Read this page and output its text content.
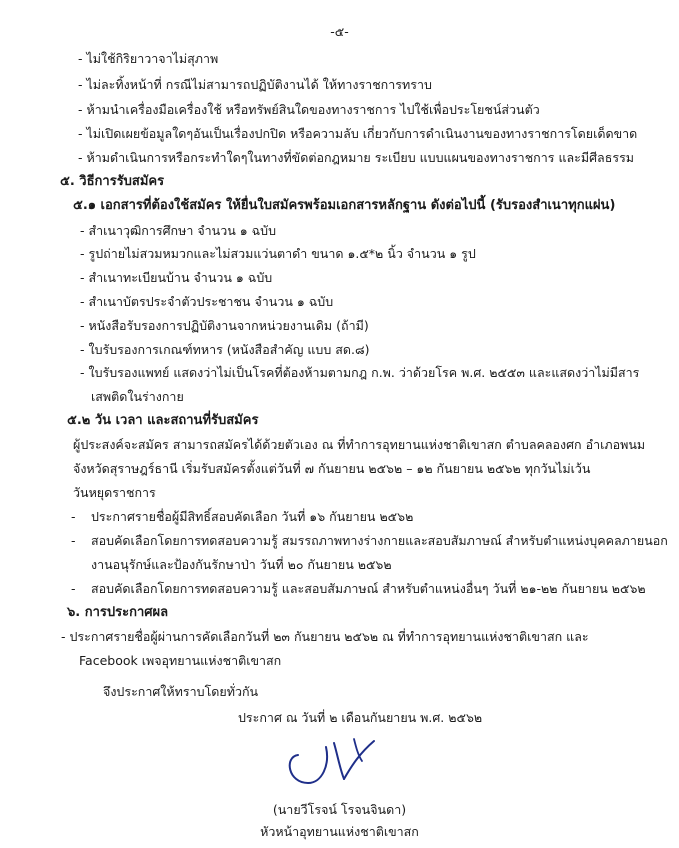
-๕-
- ไม่ใช้กิริยาวาจาไม่สุภาพ
- ไม่ละทิ้งหน้าที่ กรณีไม่สามารถปฏิบัติงานได้ ให้ทางราชการทราบ
- ห้ามนำเครื่องมือเครื่องใช้ หรือทรัพย์สินใดของทางราชการ ไปใช้เพื่อประโยชน์ส่วนตัว
- ไม่เปิดเผยข้อมูลใดๆอันเป็นเรื่องปกปิด หรือความลับ เกี่ยวกับการดำเนินงานของทางราชการโดยเด็ดขาด
- ห้ามดำเนินการหรือกระทำใดๆในทางที่ขัดต่อกฎหมาย ระเบียบ แบบแผนของทางราชการ และมีศีลธรรม
๕. วิธีการรับสมัคร
๕.๑ เอกสารที่ต้องใช้สมัคร ให้ยื่นใบสมัครพร้อมเอกสารหลักฐาน ดังต่อไปนี้ (รับรองสำเนาทุกแผ่น)
- สำเนาวุฒิการศึกษา จำนวน ๑ ฉบับ
- รูปถ่ายไม่สวมหมวกและไม่สวมแว่นตาดำ ขนาด ๑.๕*๒ นิ้ว จำนวน ๑ รูป
- สำเนาทะเบียนบ้าน จำนวน ๑ ฉบับ
- สำเนาบัตรประจำตัวประชาชน จำนวน ๑ ฉบับ
- หนังสือรับรองการปฏิบัติงานจากหน่วยงานเดิม (ถ้ามี)
- ใบรับรองการเกณฑ์ทหาร (หนังสือสำคัญ แบบ สด.๘)
- ใบรับรองแพทย์ แสดงว่าไม่เป็นโรคที่ต้องห้ามตามกฎ ก.พ. ว่าด้วยโรค พ.ศ. ๒๕๕๓ และแสดงว่าไม่มีสาร
เสพติดในร่างกาย
๕.๒ วัน เวลา และสถานที่รับสมัคร
ผู้ประสงค์จะสมัคร สามารถสมัครได้ด้วยตัวเอง ณ ที่ทำการอุทยานแห่งชาติเขาสก ตำบลคลองศก อำเภอพนม
จังหวัดสุราษฎร์ธานี เริ่มรับสมัครตั้งแต่วันที่ ๗ กันยายน ๒๕๖๒ – ๑๒ กันยายน ๒๕๖๒ ทุกวันไม่เว้น
วันหยุดราชการ
- ประกาศรายชื่อผู้มีสิทธิ์สอบคัดเลือก วันที่ ๑๖ กันยายน ๒๕๖๒
- สอบคัดเลือกโดยการทดสอบความรู้ สมรรถภาพทางร่างกายและสอบสัมภาษณ์ สำหรับตำแหน่งบุคคลภายนอก
งานอนุรักษ์และป้องกันรักษาป่า วันที่ ๒๐ กันยายน ๒๕๖๒
- สอบคัดเลือกโดยการทดสอบความรู้ และสอบสัมภาษณ์ สำหรับตำแหน่งอื่นๆ วันที่ ๒๑-๒๒ กันยายน ๒๕๖๒
๖. การประกาศผล
- ประกาศรายชื่อผู้ผ่านการคัดเลือกวันที่ ๒๓ กันยายน ๒๕๖๒ ณ ที่ทำการอุทยานแห่งชาติเขาสก และ
Facebook เพจอุทยานแห่งชาติเขาสก
จึงประกาศให้ทราบโดยทั่วกัน
ประกาศ ณ วันที่ ๒ เดือนกันยายน พ.ศ. ๒๕๖๒
(นายวีโรจน์ โรจนจินดา)
หัวหน้าอุทยานแห่งชาติเขาสก
